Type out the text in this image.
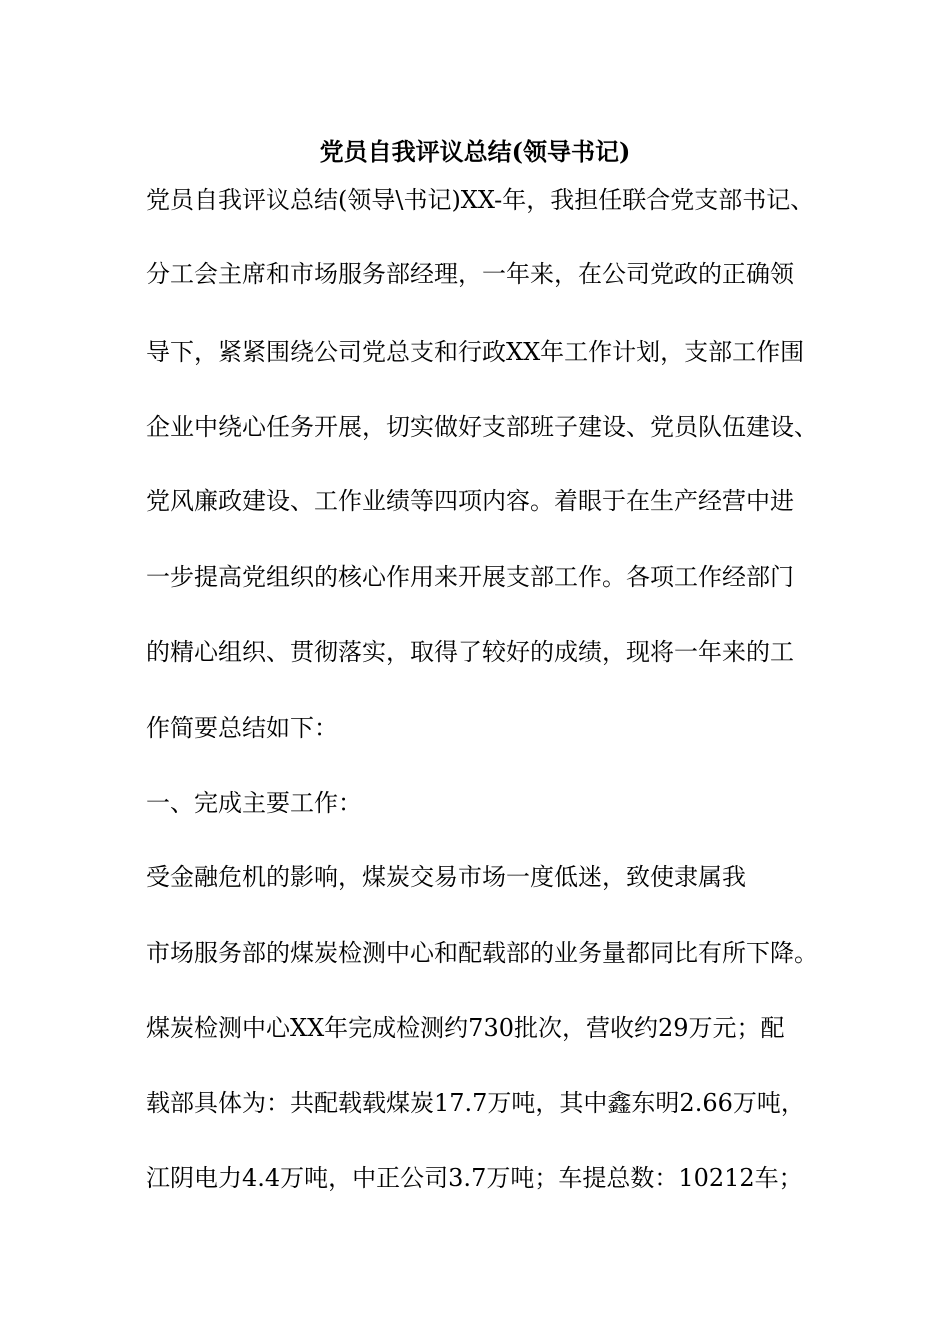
党员自我评议总结(领导书记)
党员自我评议总结(领导\书记)XX-年，我担任联合党支部书记、
分工会主席和市场服务部经理，一年来，在公司党政的正确领
导下，紧紧围绕公司党总支和行政XX年工作计划，支部工作围
企业中绕心任务开展，切实做好支部班子建设、党员队伍建设、
党风廉政建设、工作业绩等四项内容。着眼于在生产经营中进
一步提高党组织的核心作用来开展支部工作。各项工作经部门
的精心组织、贯彻落实，取得了较好的成绩，现将一年来的工
作简要总结如下：
一、完成主要工作：
受金融危机的影响，煤炭交易市场一度低迷，致使隶属我
市场服务部的煤炭检测中心和配载部的业务量都同比有所下降。
煤炭检测中心XX年完成检测约730批次，营收约29万元；配
载部具体为：共配载载煤炭17.7万吨，其中鑫东明2.66万吨，
江阴电力4.4万吨，中正公司3.7万吨；车提总数：10212车；
